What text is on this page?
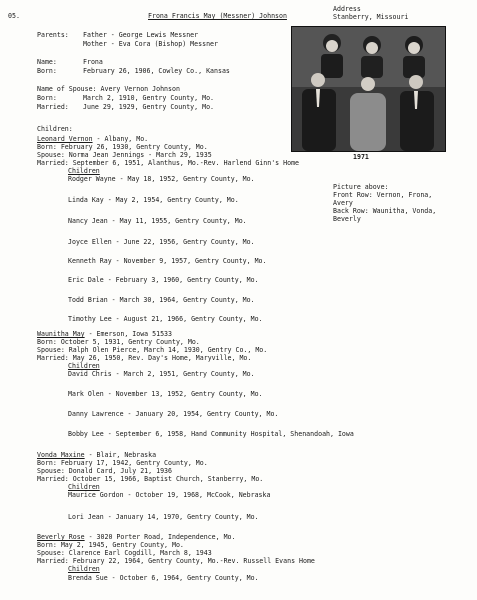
05.	Frona Francis May (Messner) Johnson
Address
Stanberry, Missouri
Parents: Father - George Lewis Messner
Mother - Eva Cora (Bishop) Messner
Name:	Frona
Born:	February 26, 1906, Cowley Co., Kansas
Name of Spouse: Avery Vernon Johnson
Born:	March 2, 1910, Gentry County, Mo.
Married: June 29, 1929, Gentry County, Mo.
1971
Picture above:
Front Row: Vernon, Frona,
Avery
Back Row: Waunitha, Vonda,
Beverly
Children:
Leonard Vernon - Albany, Mo.
Born: February 26, 1930, Gentry County, Mo.
Spouse: Norma Jean Jennings - March 29, 1935
Married: September 6, 1951, Alanthus, Mo.-Rev. Harlend Ginn's Home
Children
Rodger Wayne - May 18, 1952, Gentry County, Mo.
Linda Kay - May 2, 1954, Gentry County, Mo.
Nancy Jean - May 11, 1955, Gentry County, Mo.
Joyce Ellen - June 22, 1956, Gentry County, Mo.
Kenneth Ray - November 9, 1957, Gentry County, Mo.
Eric Dale - February 3, 1960, Gentry County, Mo.
Todd Brian - March 30, 1964, Gentry County, Mo.
Timothy Lee - August 21, 1966, Gentry County, Mo.
Waunitha May - Emerson, Iowa 51533
Born: October 5, 1931, Gentry County, Mo.
Spouse: Ralph Olen Pierce, March 14, 1930, Gentry Co., Mo.
Married: May 26, 1950, Rev. Day's Home, Maryville, Mo.
Children
David Chris - March 2, 1951, Gentry County, Mo.
Mark Olen - November 13, 1952, Gentry County, Mo.
Danny Lawrence - January 20, 1954, Gentry County, Mo.
Bobby Lee - September 6, 1958, Hand Community Hospital, Shenandoah, Iowa
Vonda Maxine - Blair, Nebraska
Born: February 17, 1942, Gentry County, Mo.
Spouse: Donald Card, July 21, 1936
Married: October 15, 1966, Baptist Church, Stanberry, Mo.
Children
Maurice Gordon - October 19, 1968, McCook, Nebraska
Lori Jean - January 14, 1970, Gentry County, Mo.
Beverly Rose - 3020 Porter Road, Independence, Mo.
Born: May 2, 1945, Gentry County, Mo.
Spouse: Clarence Earl Cogdill, March 8, 1943
Married: February 22, 1964, Gentry County, Mo.-Rev. Russell Evans Home
Children
Brenda Sue - October 6, 1964, Gentry County, Mo.
